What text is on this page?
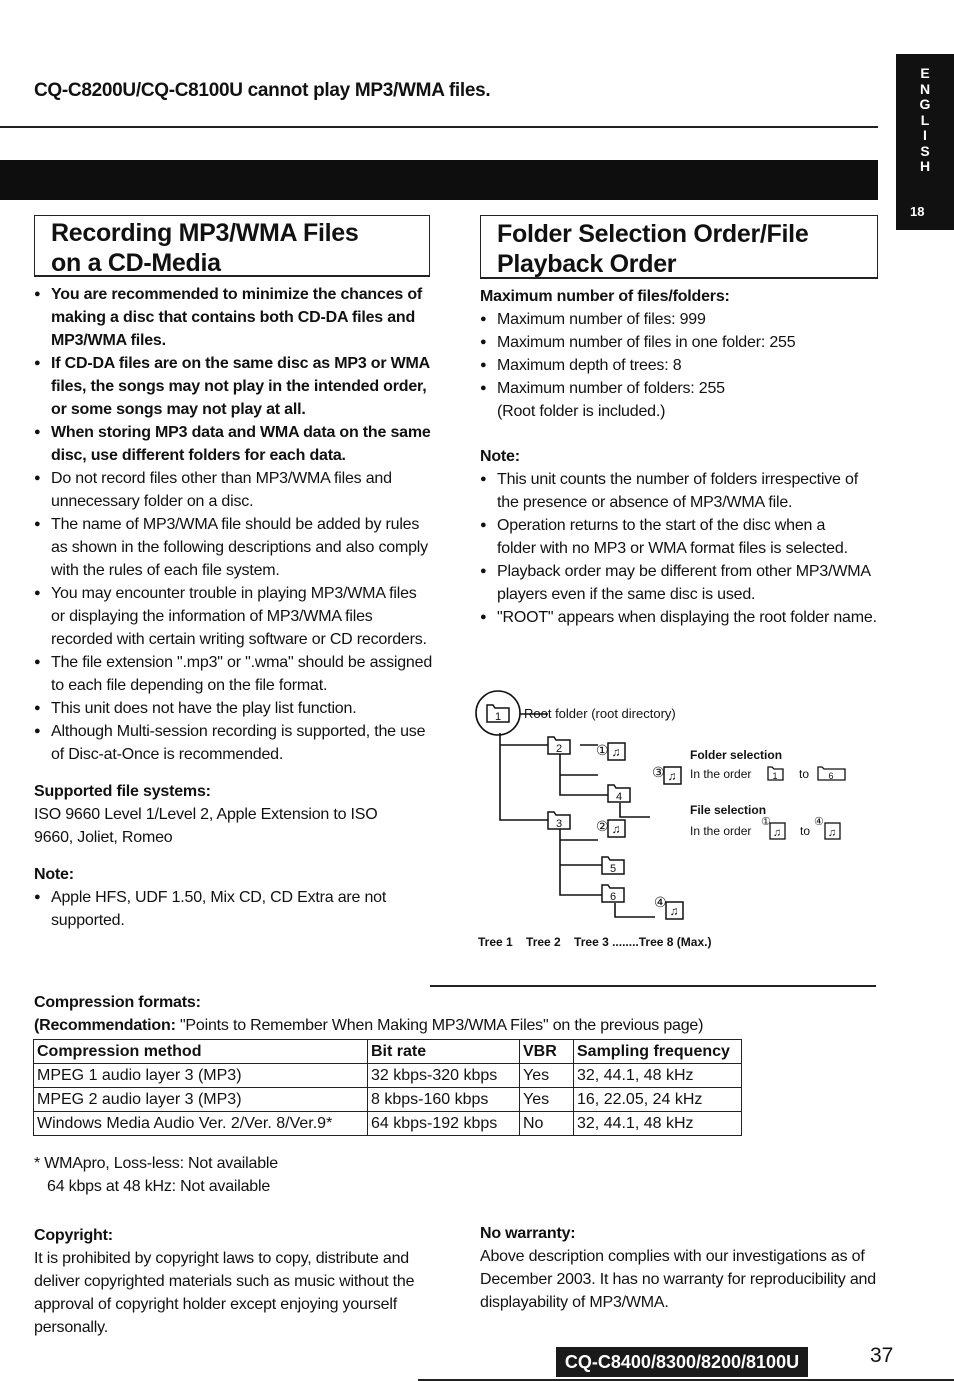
CQ-C8200U/CQ-C8100U cannot play MP3/WMA files.
E
N
G
L
I
S
H
18
Recording MP3/WMA Files
on a CD-Media
● You are recommended to minimize the chances of making a disc that contains both CD-DA files and MP3/WMA files.
● If CD-DA files are on the same disc as MP3 or WMA files, the songs may not play in the intended order, or some songs may not play at all.
● When storing MP3 data and WMA data on the same disc, use different folders for each data.
● Do not record files other than MP3/WMA files and unnecessary folder on a disc.
● The name of MP3/WMA file should be added by rules as shown in the following descriptions and also comply with the rules of each file system.
● You may encounter trouble in playing MP3/WMA files or displaying the information of MP3/WMA files recorded with certain writing software or CD recorders.
● The file extension ".mp3" or ".wma" should be assigned to each file depending on the file format.
● This unit does not have the play list function.
● Although Multi-session recording is supported, the use of Disc-at-Once is recommended.
Supported file systems:
ISO 9660 Level 1/Level 2, Apple Extension to ISO 9660, Joliet, Romeo
Note:
● Apple HFS, UDF 1.50, Mix CD, CD Extra are not supported.
Folder Selection Order/File
Playback Order
Maximum number of files/folders:
● Maximum number of files: 999
● Maximum number of files in one folder: 255
● Maximum depth of trees: 8
● Maximum number of folders: 255 (Root folder is included.)
Note:
● This unit counts the number of folders irrespective of the presence or absence of MP3/WMA file.
● Operation returns to the start of the disc when a folder with no MP3 or WMA format files is selected.
● Playback order may be different from other MP3/WMA players even if the same disc is used.
● "ROOT" appears when displaying the root folder name.
1
2
3
4
5
6
①
③
②
④
♫
♫
♫
♫
Root folder (root directory)
Folder selection
In the order 1	6
to
File selection
In the order
①
♫ to
④
♫
Tree 1    Tree 2    Tree 3 ........Tree 8 (Max.)
Compression formats:
(Recommendation: "Points to Remember When Making MP3/WMA Files" on the previous page)
Compression method	Bit rate	VBR	Sampling frequency
MPEG 1 audio layer 3 (MP3)	32 kbps-320 kbps	Yes	32, 44.1, 48 kHz
MPEG 2 audio layer 3 (MP3)	8 kbps-160 kbps	Yes	16, 22.05, 24 kHz
Windows Media Audio Ver. 2/Ver. 8/Ver.9*	64 kbps-192 kbps	No	32, 44.1, 48 kHz
* WMApro, Loss-less: Not available
64 kbps at 48 kHz: Not available
Copyright:
It is prohibited by copyright laws to copy, distribute and deliver copyrighted materials such as music without the approval of copyright holder except enjoying yourself personally.
No warranty:
Above description complies with our investigations as of December 2003. It has no warranty for reproducibility and displayability of MP3/WMA.
CQ-C8400/8300/8200/8100U	37
